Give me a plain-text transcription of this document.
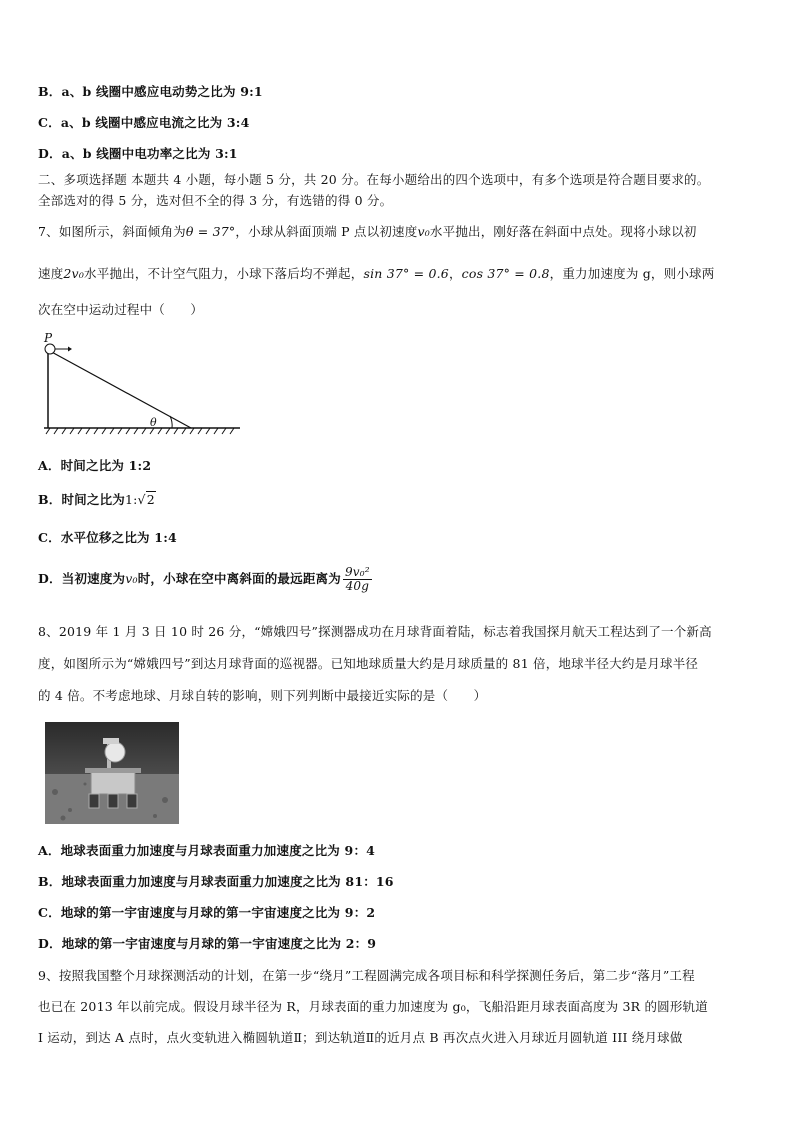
B．a、b 线圈中感应电动势之比为 9:1
C．a、b 线圈中感应电流之比为 3:4
D．a、b 线圈中电功率之比为 3:1
二、多项选择题 本题共 4 小题，每小题 5 分，共 20 分。在每小题给出的四个选项中，有多个选项是符合题目要求的。
全部选对的得 5 分，选对但不全的得 3 分，有选错的得 0 分。
7、如图所示，斜面倾角为θ = 37°，小球从斜面顶端 P 点以初速度v₀水平抛出，刚好落在斜面中点处。现将小球以初
速度2v₀水平抛出，不计空气阻力，小球下落后均不弹起，sin 37° = 0.6，cos 37° = 0.8，重力加速度为 g，则小球两
次在空中运动过程中（　　）
P
θ
A．时间之比为 1:2
B．时间之比为1:√2
C．水平位移之比为 1:4
D．当初速度为v₀时，小球在空中离斜面的最远距离为 $\frac{\text{9v₀²}}{40g}$
8、2019 年 1 月 3 日 10 时 26 分，“嫦娥四号”探测器成功在月球背面着陆，标志着我国探月航天工程达到了一个新高
度，如图所示为“嫦娥四号”到达月球背面的巡视器。已知地球质量大约是月球质量的 81 倍，地球半径大约是月球半径
的 4 倍。不考虑地球、月球自转的影响，则下列判断中最接近实际的是（　　）
A．地球表面重力加速度与月球表面重力加速度之比为 9：4
B．地球表面重力加速度与月球表面重力加速度之比为 81：16
C．地球的第一宇宙速度与月球的第一宇宙速度之比为 9：2
D．地球的第一宇宙速度与月球的第一宇宙速度之比为 2：9
9、按照我国整个月球探测活动的计划，在第一步“绕月”工程圆满完成各项目标和科学探测任务后，第二步“落月”工程
也已在 2013 年以前完成。假设月球半径为 R，月球表面的重力加速度为 g₀，飞船沿距月球表面高度为 3R 的圆形轨道
I 运动，到达 A 点时，点火变轨进入椭圆轨道Ⅱ；到达轨道Ⅱ的近月点 B 再次点火进入月球近月圆轨道 III 绕月球做
